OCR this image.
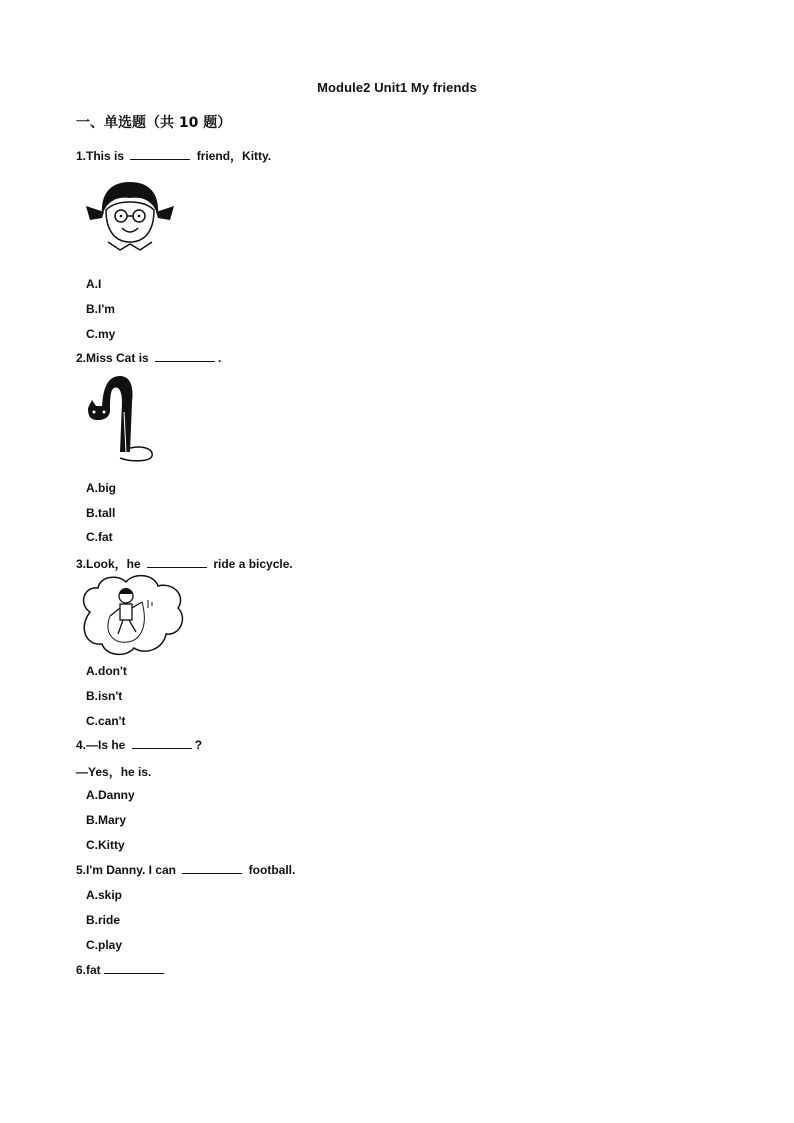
Module2 Unit1 My friends
一、单选题（共 10 题）
1.This is	friend，Kitty.
A.I
B.I'm
C.my
2.Miss Cat is	.
A.big
B.tall
C.fat
3.Look，he	ride a bicycle.
A.don't
B.isn't
C.can't
4.—Is he	?
—Yes，he is.
A.Danny
B.Mary
C.Kitty
5.I'm Danny. I can	football.
A.skip
B.ride
C.play
6.fat
